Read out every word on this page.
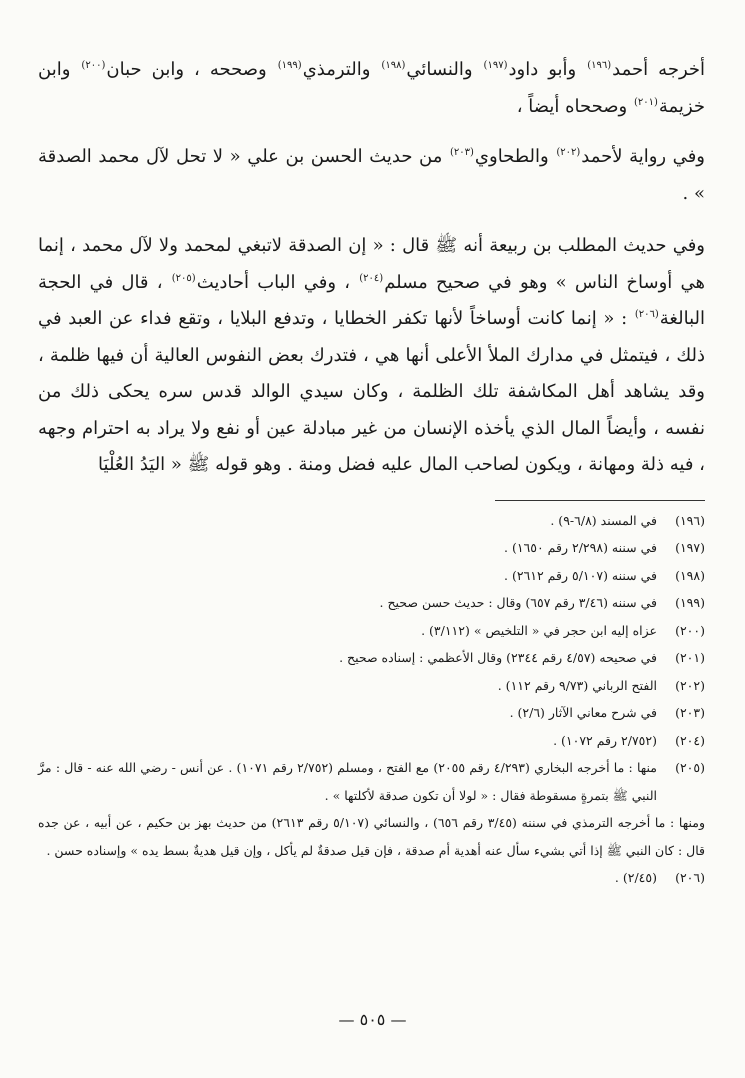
أخرجه أحمد$^{(١٩٦)}$ وأبو داود$^{(١٩٧)}$ والنسائي$^{(١٩٨)}$ والترمذي$^{(١٩٩)}$ وصححه ، وابن حبان$^{(٢٠٠)}$ وابن خزيمة$^{(٢٠١)}$ وصححاه أيضاً ،

وفي رواية لأحمد$^{(٢٠٢)}$ والطحاوي$^{(٢٠٣)}$ من حديث الحسن بن علي « لا تحل لآل محمد الصدقة » .

وفي حديث المطلب بن ربيعة أنه ﷺ قال : « إن الصدقة لاتبغي لمحمد ولا لآل محمد ، إنما هي أوساخ الناس » وهو في صحيح مسلم$^{(٢٠٤)}$ ، وفي الباب أحاديث$^{(٢٠٥)}$ ، قال في الحجة البالغة$^{(٢٠٦)}$ : « إنما كانت أوساخاً لأنها تكفر الخطايا ، وتدفع البلايا ، وتقع فداء عن العبد في ذلك ، فيتمثل في مدارك الملأ الأعلى أنها هي ، فتدرك بعض النفوس العالية أن فيها ظلمة ، وقد يشاهد أهل المكاشفة تلك الظلمة ، وكان سيدي الوالد قدس سره يحكى ذلك من نفسه ، وأيضاً المال الذي يأخذه الإنسان من غير مبادلة عين أو نفع ولا يراد به احترام وجهه ، فيه ذلة ومهانة ، ويكون لصاحب المال عليه فضل ومنة . وهو قوله ﷺ « اليَدُ العُلْيَا

(١٩٦)
في المسند (٦/٨-٩) .
(١٩٧)
في سننه (٢/٢٩٨ رقم ١٦٥٠) .
(١٩٨)
في سننه (٥/١٠٧ رقم ٢٦١٢) .
(١٩٩)
في سننه (٣/٤٦ رقم ٦٥٧) وقال : حديث حسن صحيح .
(٢٠٠)
عزاه إليه ابن حجر في « التلخيص » (٣/١١٢) .
(٢٠١)
في صحيحه (٤/٥٧ رقم ٢٣٤٤) وقال الأعظمي : إسناده صحيح .
(٢٠٢)
الفتح الرباني (٩/٧٣ رقم ١١٢) .
(٢٠٣)
في شرح معاني الآثار (٢/٦) .
(٢٠٤)
(٢/٧٥٢ رقم ١٠٧٢) .
(٢٠٥)
منها : ما أخرجه البخاري (٤/٢٩٣ رقم ٢٠٥٥) مع الفتح ، ومسلم (٢/٧٥٢ رقم ١٠٧١) . عن أنس - رضي الله عنه - قال : مرَّ النبي ﷺ بتمرةٍ مسقوطة فقال : « لولا أن تكون صدقة لأكلتها » .
ومنها : ما أخرجه الترمذي في سننه (٣/٤٥ رقم ٦٥٦) ، والنسائي (٥/١٠٧ رقم ٢٦١٣) من حديث بهز بن حكيم ، عن أبيه ، عن جده قال : كان النبي ﷺ إذا أتي بشيء سأل عنه أهدية أم صدقة ، فإن قيل صدقةٌ لم يأكل ، وإن قيل هديةٌ بسط يده » وإسناده حسن .
(٢٠٦)
(٢/٤٥) .
— ٥٠٥ —
